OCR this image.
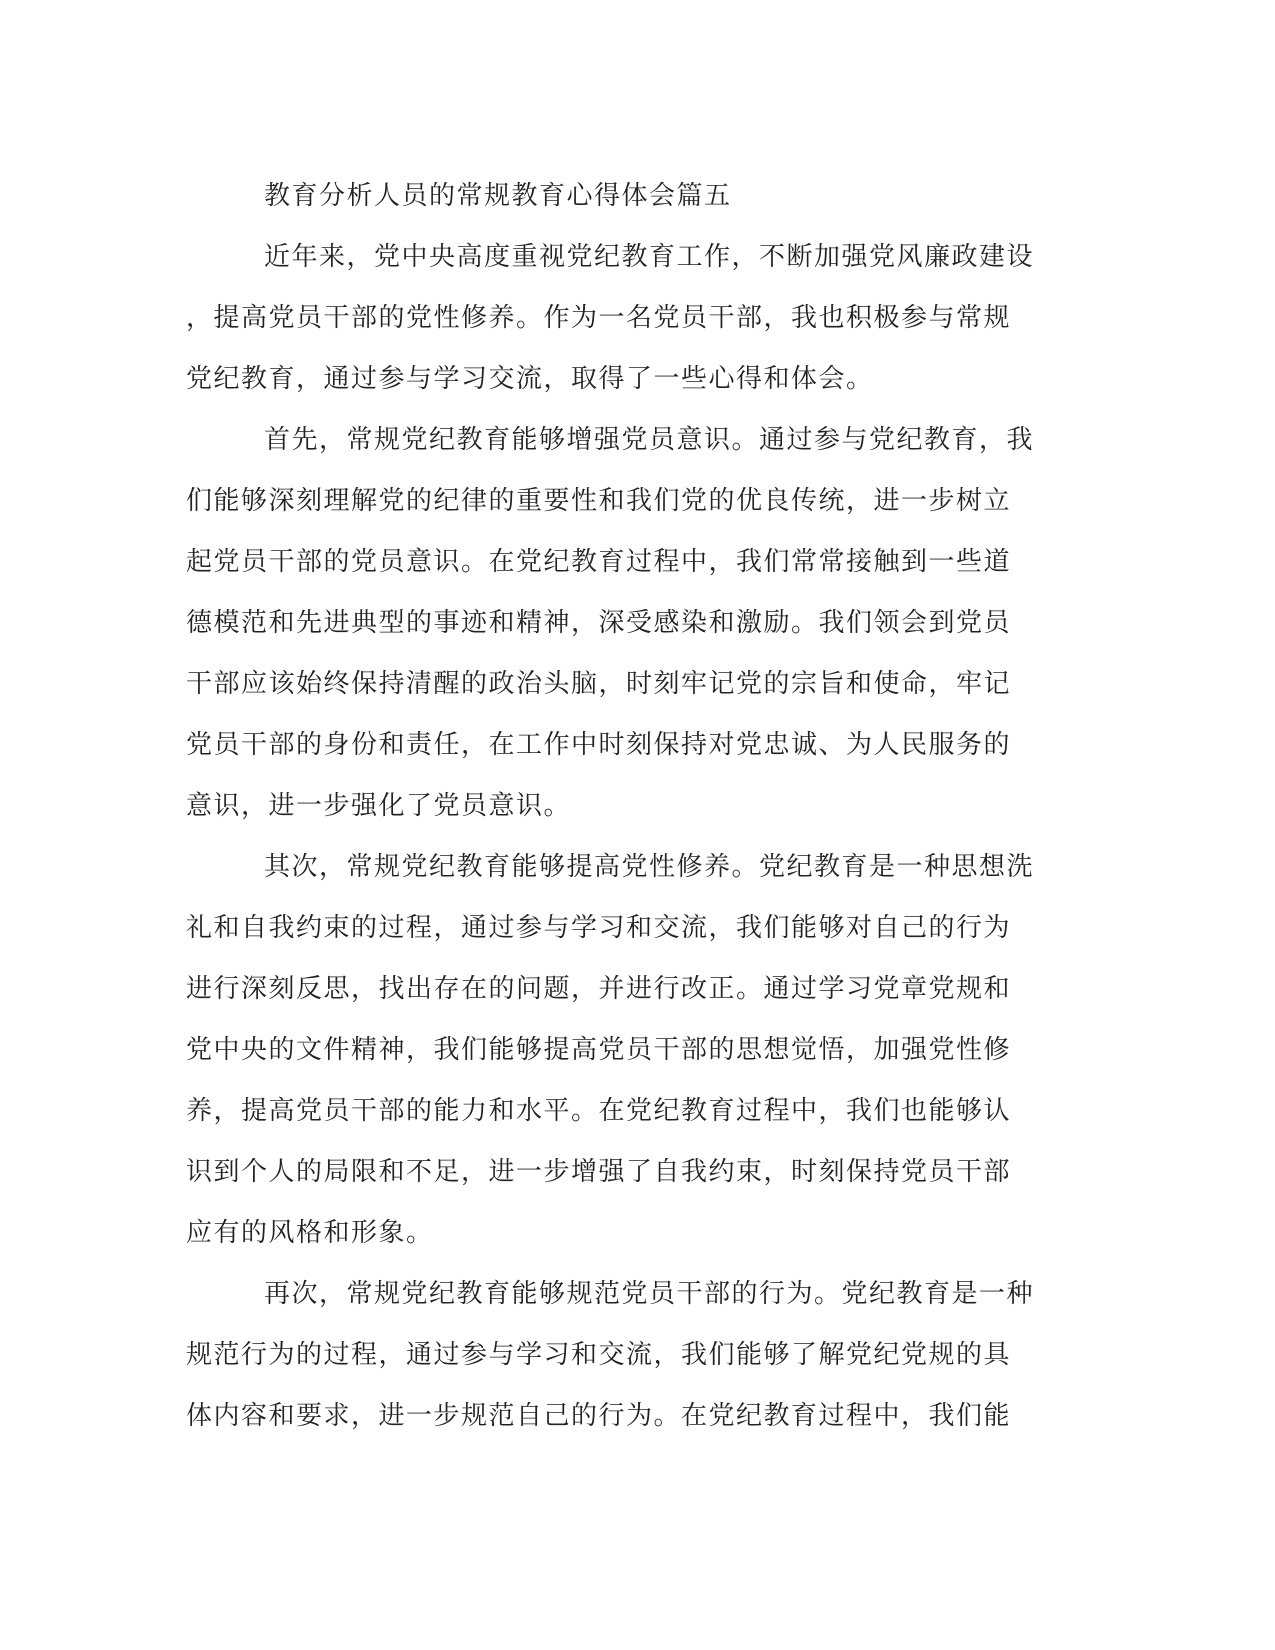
教育分析人员的常规教育心得体会篇五

近年来，党中央高度重视党纪教育工作，不断加强党风廉政建设
，提高党员干部的党性修养。作为一名党员干部，我也积极参与常规
党纪教育，通过参与学习交流，取得了一些心得和体会。

首先，常规党纪教育能够增强党员意识。通过参与党纪教育，我
们能够深刻理解党的纪律的重要性和我们党的优良传统，进一步树立
起党员干部的党员意识。在党纪教育过程中，我们常常接触到一些道
德模范和先进典型的事迹和精神，深受感染和激励。我们领会到党员
干部应该始终保持清醒的政治头脑，时刻牢记党的宗旨和使命，牢记
党员干部的身份和责任，在工作中时刻保持对党忠诚、为人民服务的
意识，进一步强化了党员意识。

其次，常规党纪教育能够提高党性修养。党纪教育是一种思想洗
礼和自我约束的过程，通过参与学习和交流，我们能够对自己的行为
进行深刻反思，找出存在的问题，并进行改正。通过学习党章党规和
党中央的文件精神，我们能够提高党员干部的思想觉悟，加强党性修
养，提高党员干部的能力和水平。在党纪教育过程中，我们也能够认
识到个人的局限和不足，进一步增强了自我约束，时刻保持党员干部
应有的风格和形象。

再次，常规党纪教育能够规范党员干部的行为。党纪教育是一种
规范行为的过程，通过参与学习和交流，我们能够了解党纪党规的具
体内容和要求，进一步规范自己的行为。在党纪教育过程中，我们能
